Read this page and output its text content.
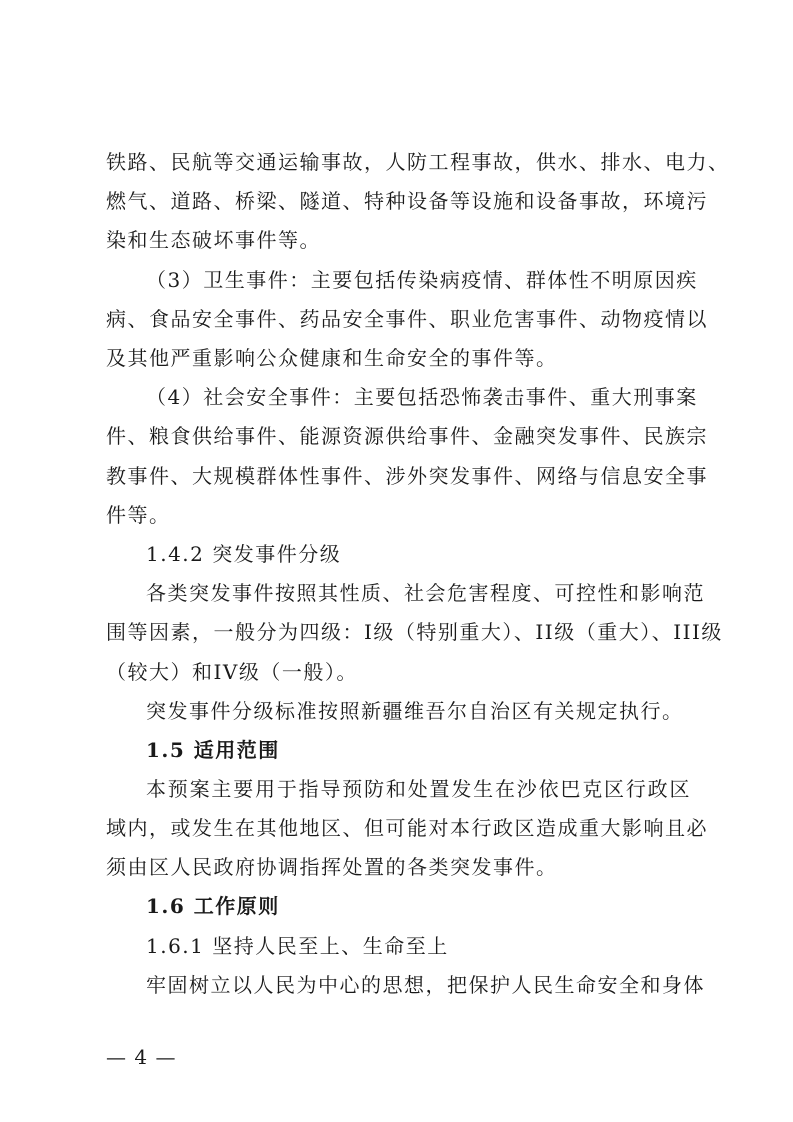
铁路、民航等交通运输事故，人防工程事故，供水、排水、电力、
燃气、道路、桥梁、隧道、特种设备等设施和设备事故，环境污
染和生态破坏事件等。
（3）卫生事件：主要包括传染病疫情、群体性不明原因疾
病、食品安全事件、药品安全事件、职业危害事件、动物疫情以
及其他严重影响公众健康和生命安全的事件等。
（4）社会安全事件：主要包括恐怖袭击事件、重大刑事案
件、粮食供给事件、能源资源供给事件、金融突发事件、民族宗
教事件、大规模群体性事件、涉外突发事件、网络与信息安全事
件等。
1.4.2 突发事件分级
各类突发事件按照其性质、社会危害程度、可控性和影响范
围等因素，一般分为四级：I级（特别重大）、II级（重大）、III级
（较大）和IV级（一般）。
突发事件分级标准按照新疆维吾尔自治区有关规定执行。
1.5 适用范围
本预案主要用于指导预防和处置发生在沙依巴克区行政区
域内，或发生在其他地区、但可能对本行政区造成重大影响且必
须由区人民政府协调指挥处置的各类突发事件。
1.6 工作原则
1.6.1 坚持人民至上、生命至上
牢固树立以人民为中心的思想，把保护人民生命安全和身体
— 4 —
